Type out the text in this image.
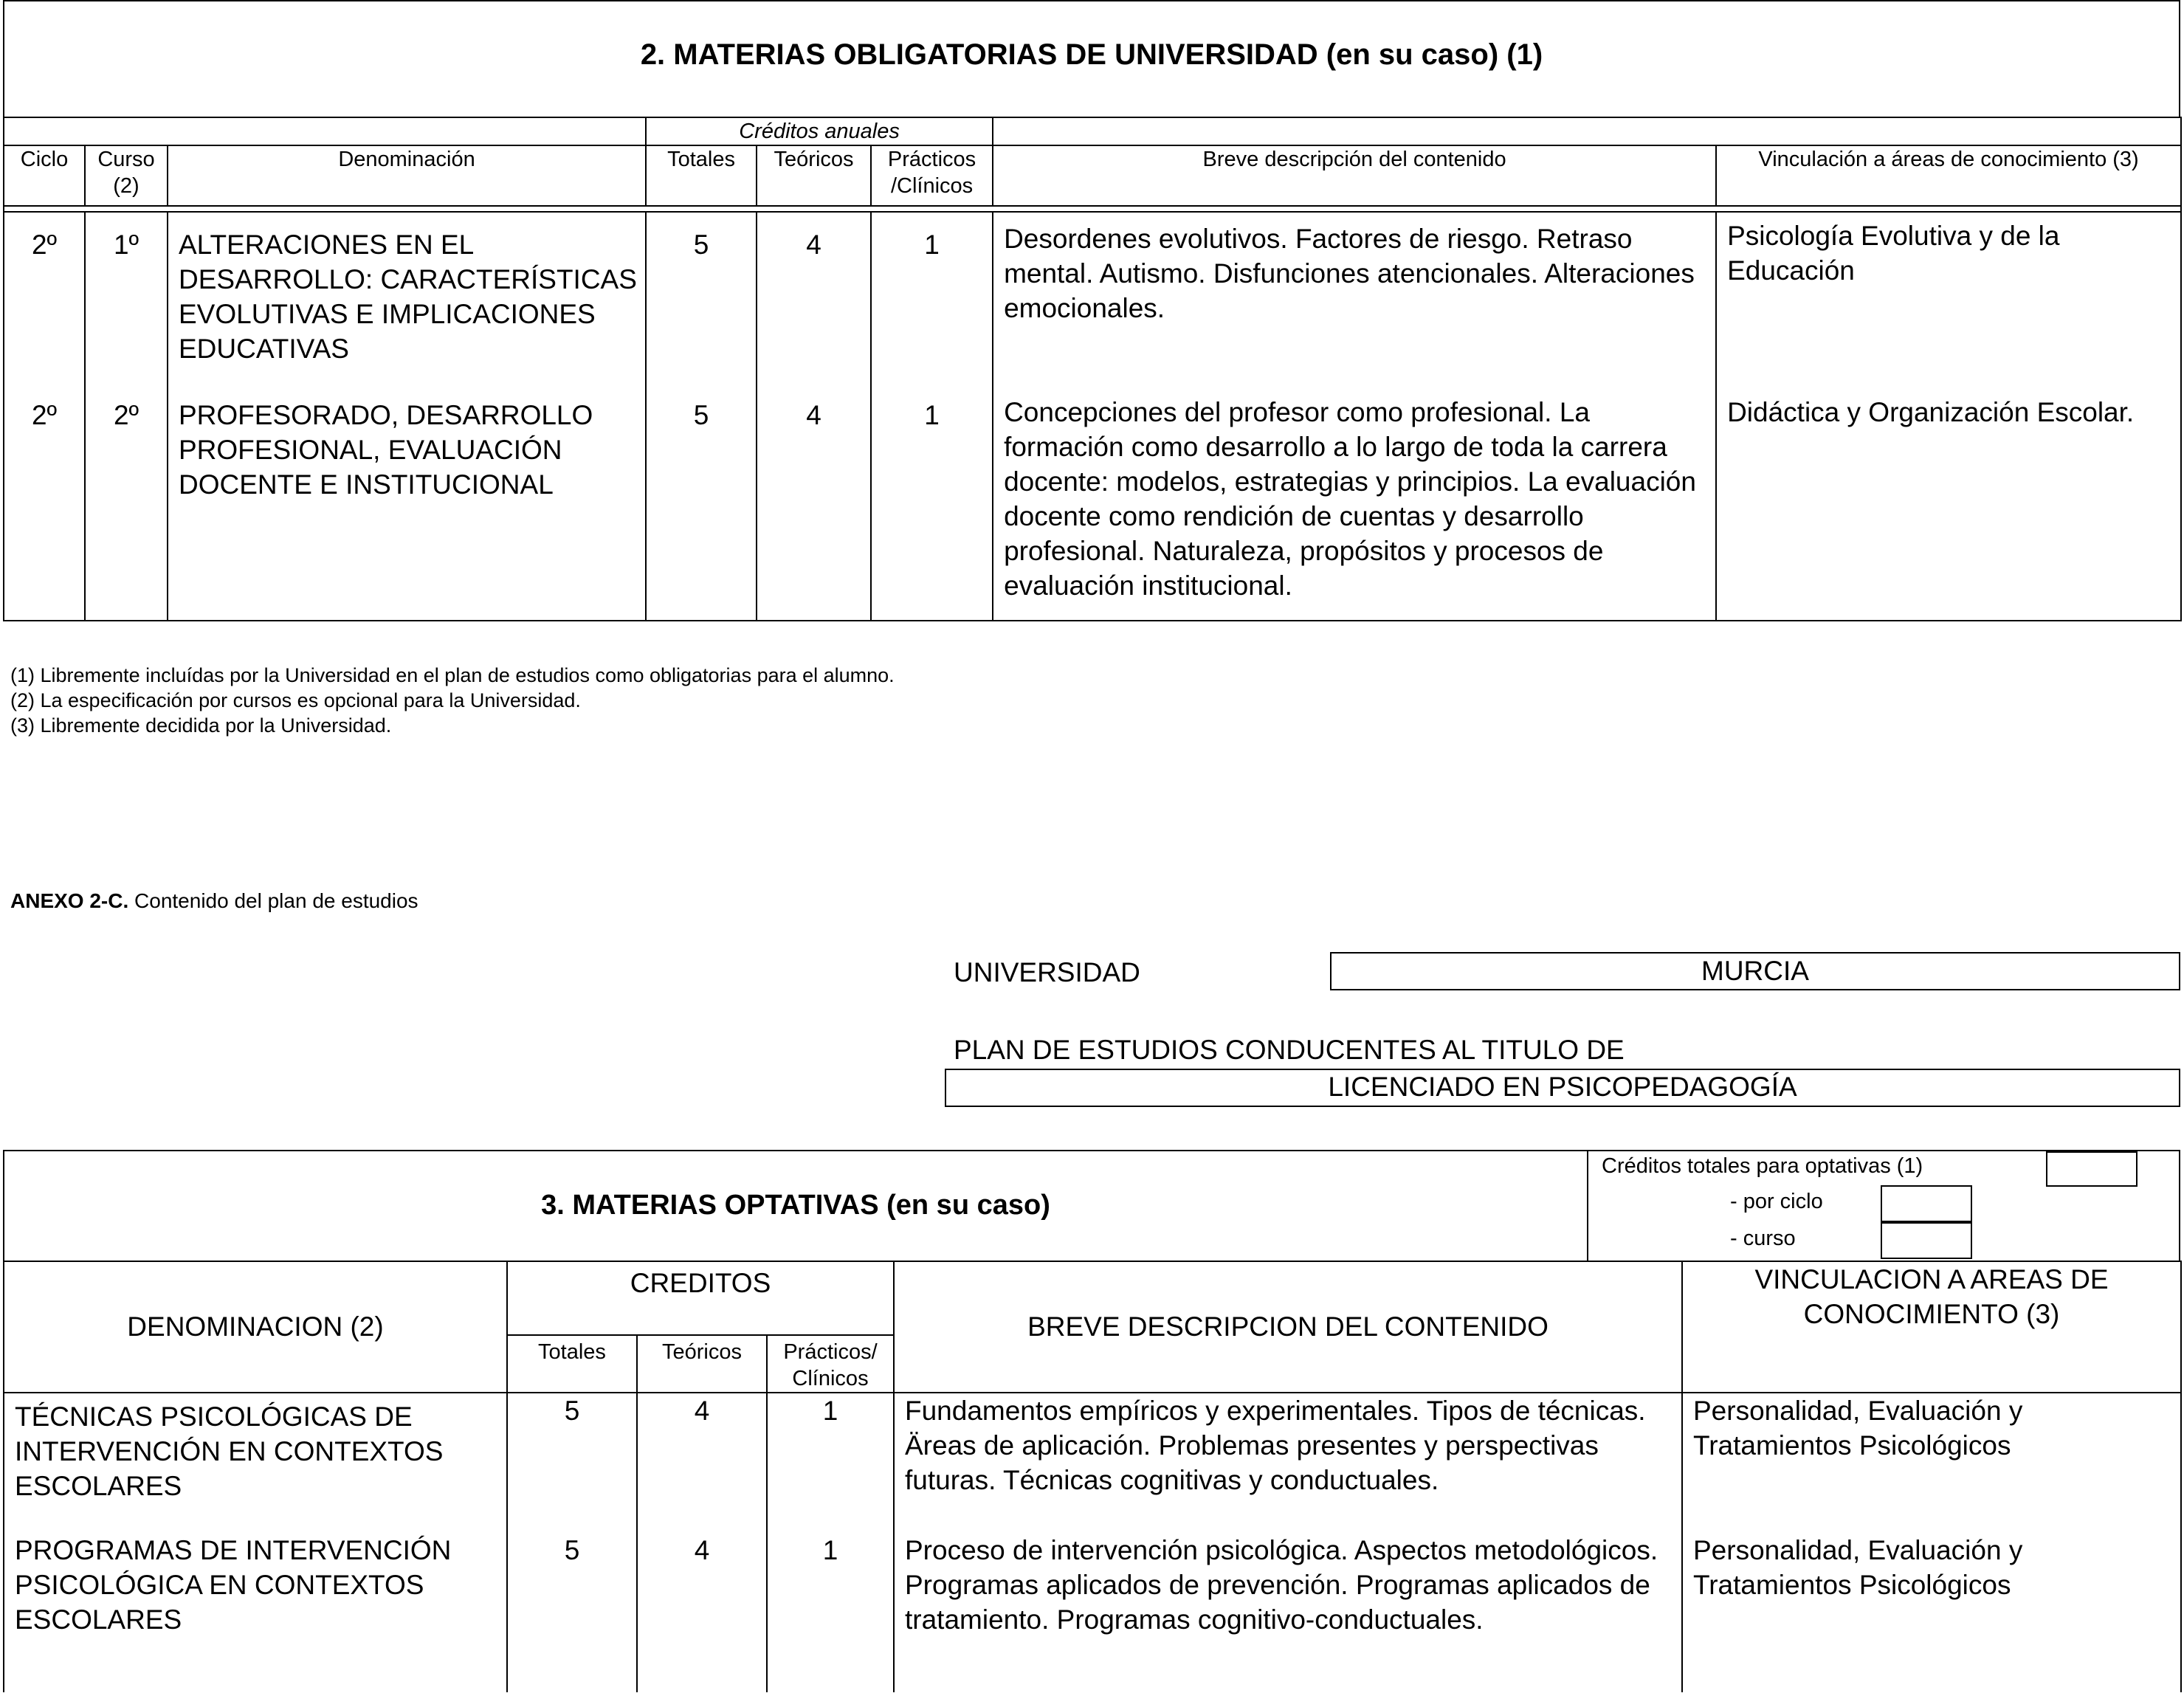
2. MATERIAS OBLIGATORIAS DE UNIVERSIDAD (en su caso) (1)
			Créditos anuales				
Ciclo	Curso (2)	Denominación	Totales	Teóricos	Prácticos /Clínicos	Breve descripción del contenido	Vinculación a áreas de conocimiento (3)

2º	1º	ALTERACIONES EN EL DESARROLLO: CARACTERÍSTICAS EVOLUTIVAS E IMPLICACIONES EDUCATIVAS	5	4	1	Desordenes evolutivos. Factores de riesgo. Retraso mental. Autismo. Disfunciones atencionales. Alteraciones emocionales.	Psicología Evolutiva y de la Educación
2º	2º	PROFESORADO, DESARROLLO PROFESIONAL, EVALUACIÓN DOCENTE E INSTITUCIONAL	5	4	1	Concepciones del profesor como profesional. La formación como desarrollo a lo largo de toda la carrera docente: modelos, estrategias y principios. La evaluación docente como rendición de cuentas y desarrollo profesional. Naturaleza, propósitos y procesos de evaluación institucional.	Didáctica y Organización Escolar.
(1) Libremente incluídas por la Universidad en el plan de estudios como obligatorias para el alumno.
(2) La especificación por cursos es opcional para la Universidad.
(3) Libremente decidida por la Universidad.
ANEXO 2-C. Contenido del plan de estudios
UNIVERSIDAD	MURCIA
PLAN DE ESTUDIOS CONDUCENTES AL TITULO DE
LICENCIADO EN PSICOPEDAGOGÍA
3. MATERIAS OPTATIVAS (en su caso)
Créditos totales para optativas (1)
- por ciclo
- curso
DENOMINACION (2)	CREDITOS			BREVE DESCRIPCION DEL CONTENIDO	VINCULACION A AREAS DE CONOCIMIENTO (3)
	Totales	Teóricos	Prácticos/ Clínicos		
TÉCNICAS PSICOLÓGICAS DE INTERVENCIÓN EN CONTEXTOS ESCOLARES	5	4	1	Fundamentos empíricos y experimentales. Tipos de técnicas. Äreas de aplicación. Problemas presentes y perspectivas futuras. Técnicas cognitivas y conductuales.	Personalidad, Evaluación y Tratamientos Psicológicos
PROGRAMAS DE INTERVENCIÓN PSICOLÓGICA EN CONTEXTOS ESCOLARES	5	4	1	Proceso de intervención psicológica. Aspectos metodológicos. Programas aplicados de prevención. Programas aplicados de tratamiento. Programas cognitivo-conductuales.	Personalidad, Evaluación y Tratamientos Psicológicos
